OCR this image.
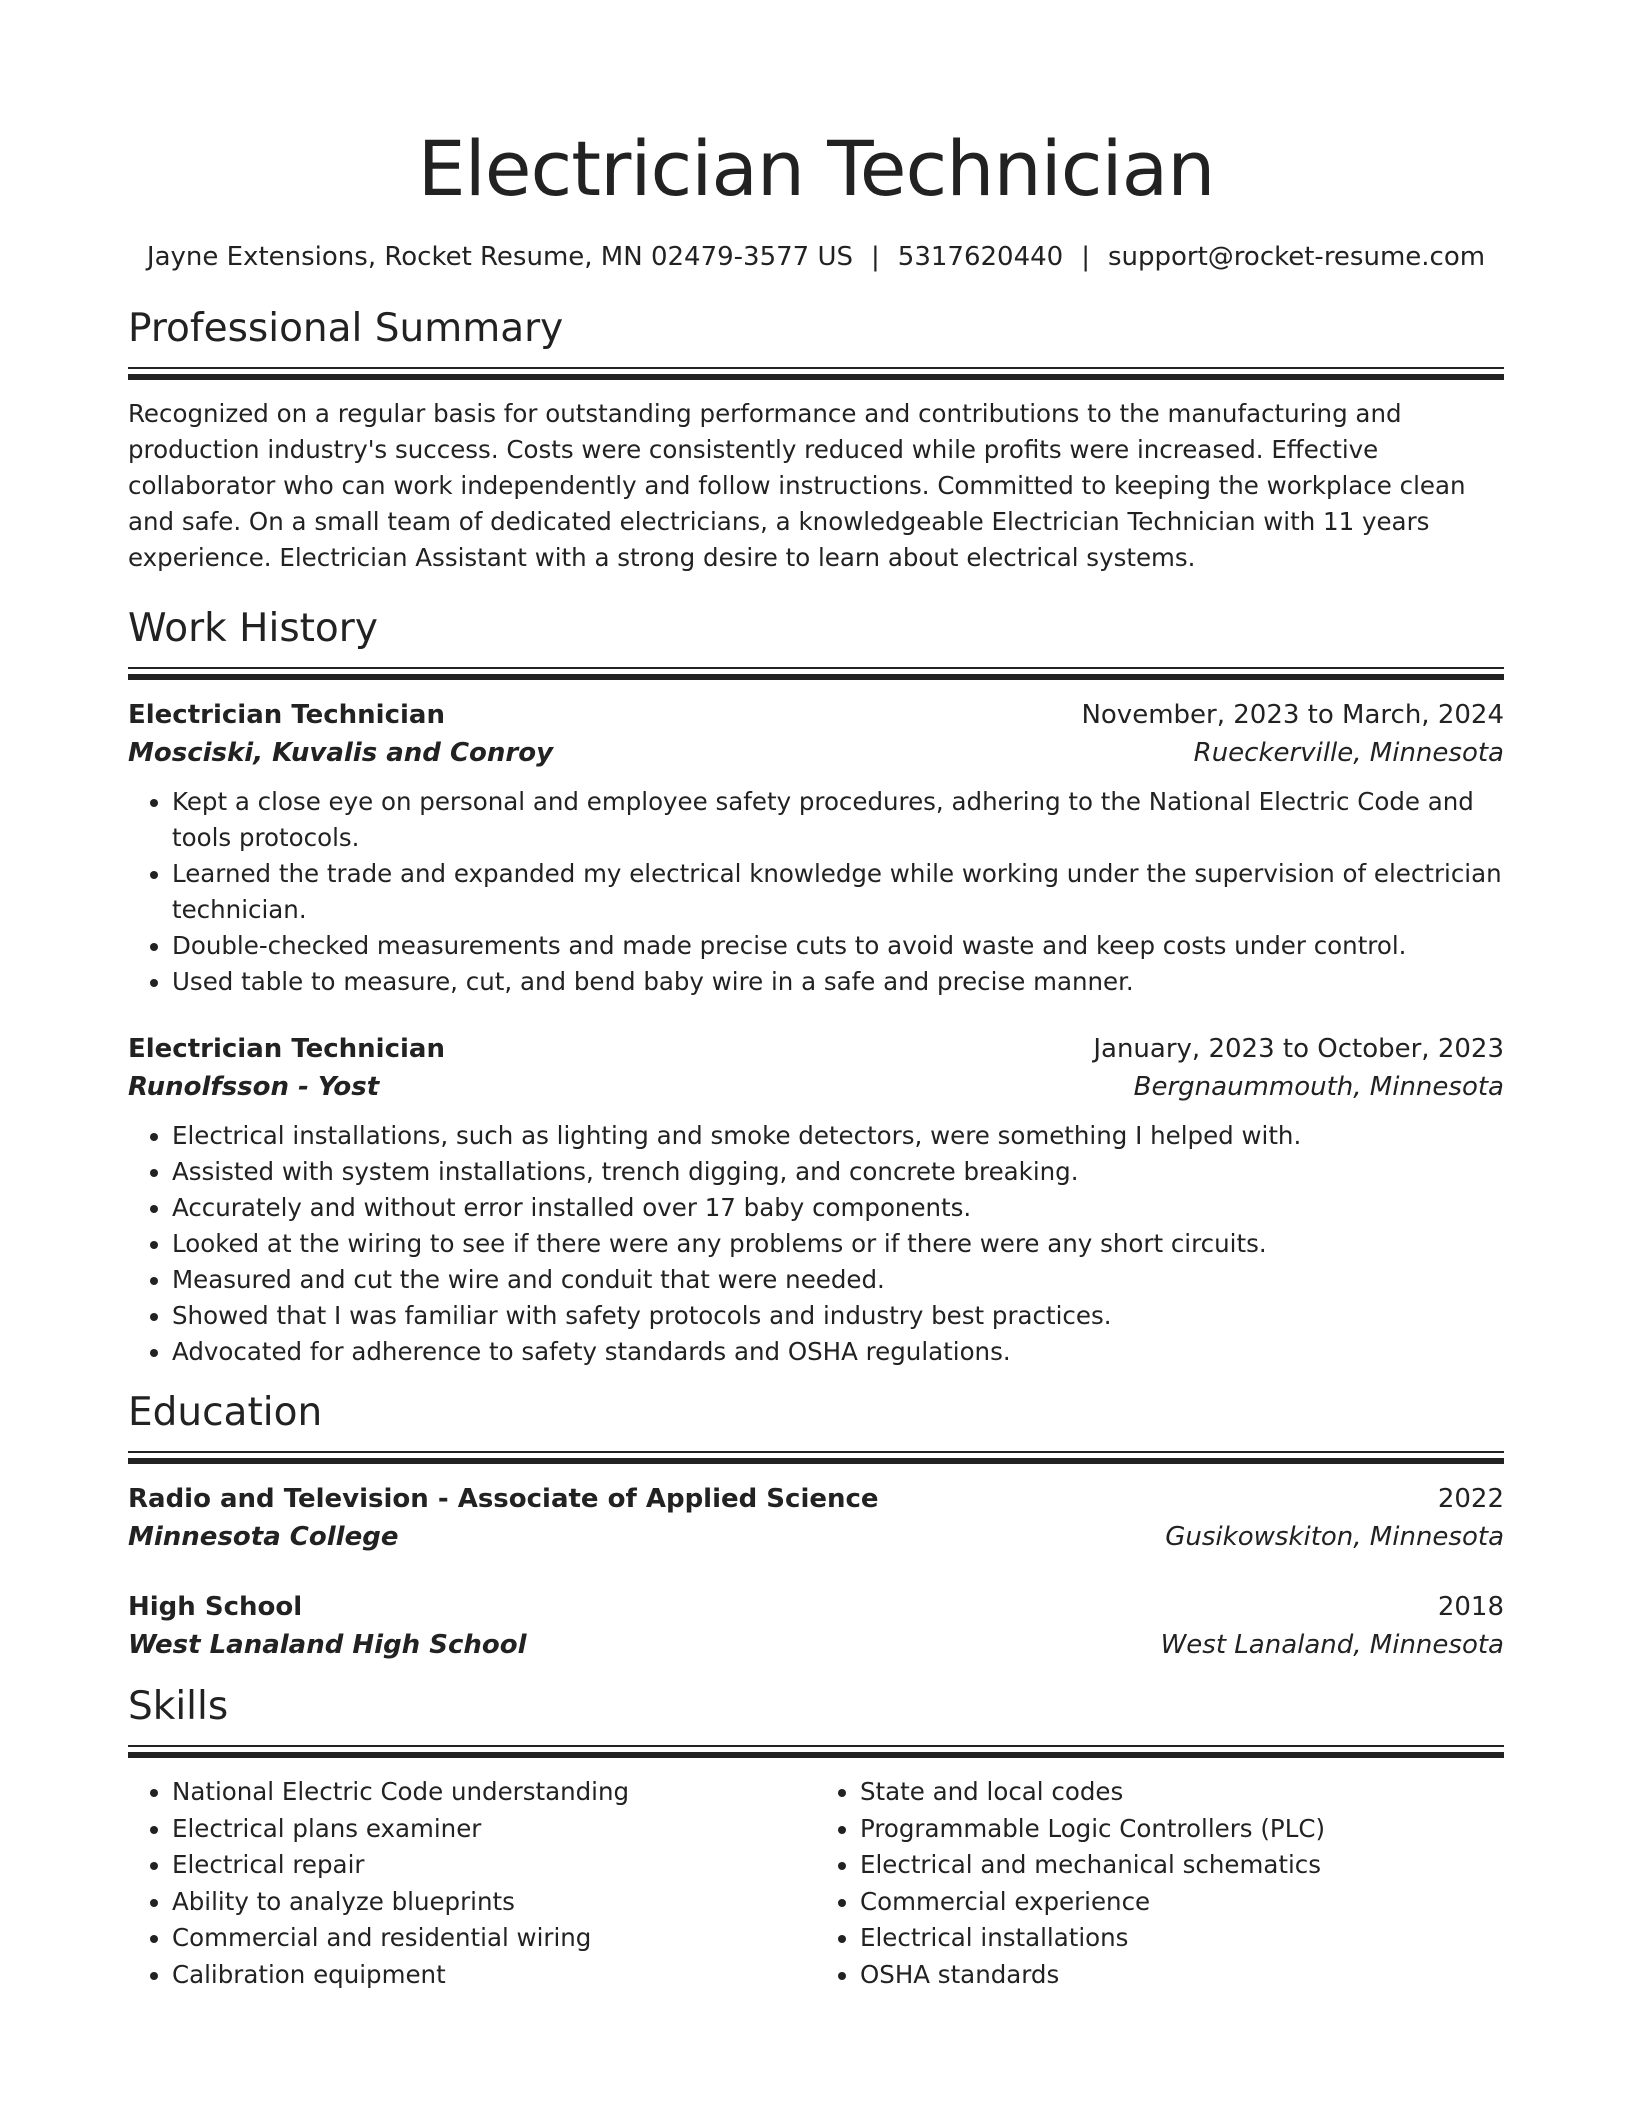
Electrician Technician
Jayne Extensions, Rocket Resume, MN 02479-3577 US | 5317620440 | support@rocket-resume.com
Professional Summary

Recognized on a regular basis for outstanding performance and contributions to the manufacturing and production industry's success. Costs were consistently reduced while profits were increased. Effective collaborator who can work independently and follow instructions. Committed to keeping the workplace clean and safe. On a small team of dedicated electricians, a knowledgeable Electrician Technician with 11 years experience. Electrician Assistant with a strong desire to learn about electrical systems.

Work History
Electrician Technician	November, 2023 to March, 2024
Mosciski, Kuvalis and Conroy	Rueckerville, Minnesota
• Kept a close eye on personal and employee safety procedures, adhering to the National Electric Code and tools protocols.
• Learned the trade and expanded my electrical knowledge while working under the supervision of electrician technician.
• Double-checked measurements and made precise cuts to avoid waste and keep costs under control.
• Used table to measure, cut, and bend baby wire in a safe and precise manner.
Electrician Technician	January, 2023 to October, 2023
Runolfsson - Yost	Bergnaummouth, Minnesota
• Electrical installations, such as lighting and smoke detectors, were something I helped with.
• Assisted with system installations, trench digging, and concrete breaking.
• Accurately and without error installed over 17 baby components.
• Looked at the wiring to see if there were any problems or if there were any short circuits.
• Measured and cut the wire and conduit that were needed.
• Showed that I was familiar with safety protocols and industry best practices.
• Advocated for adherence to safety standards and OSHA regulations.
Education
Radio and Television - Associate of Applied Science	2022
Minnesota College	Gusikowskiton, Minnesota
High School	2018
West Lanaland High School	West Lanaland, Minnesota
Skills
• National Electric Code understanding
• Electrical plans examiner
• Electrical repair
• Ability to analyze blueprints
• Commercial and residential wiring
• Calibration equipment
• State and local codes
• Programmable Logic Controllers (PLC)
• Electrical and mechanical schematics
• Commercial experience
• Electrical installations
• OSHA standards
